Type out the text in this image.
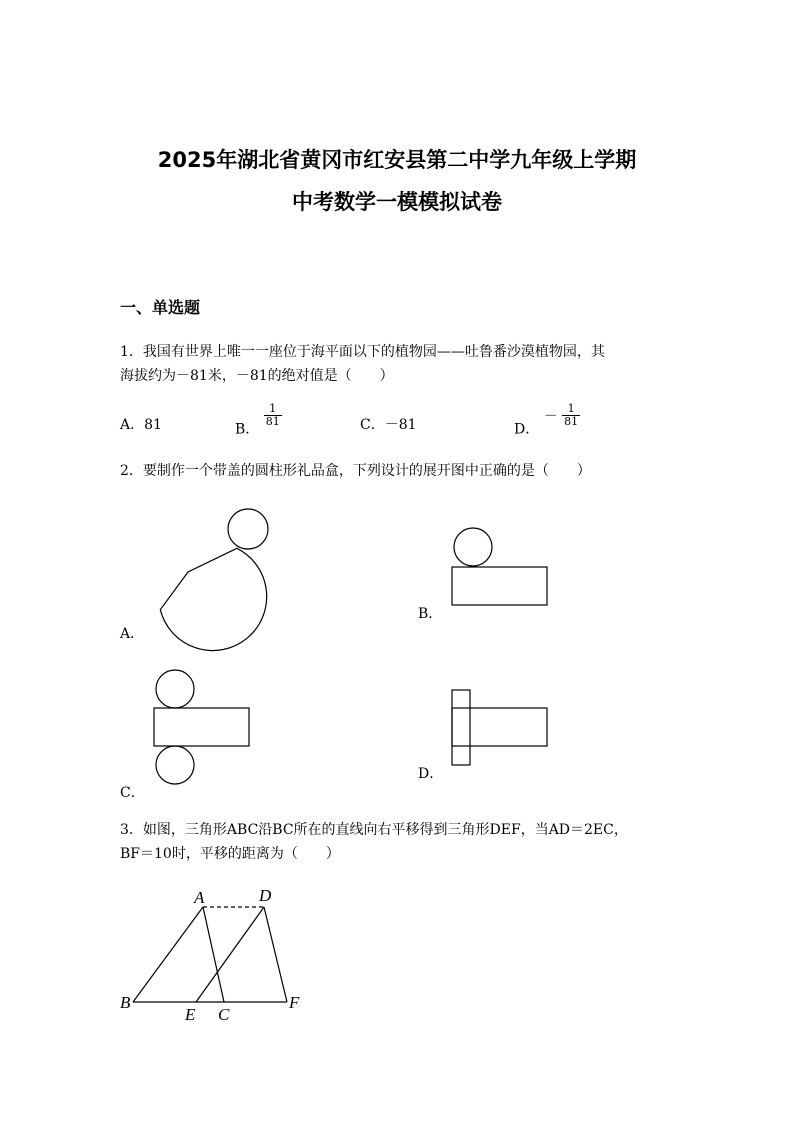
2025年湖北省黄冈市红安县第二中学九年级上学期
中考数学一模模拟试卷
一、单选题
1．我国有世界上唯一一座位于海平面以下的植物园——吐鲁番沙漠植物园，其
海拔约为－81米，－81的绝对值是（　　）
A．81	B．
$\frac{1}{81}$	C．－81	D． － $\frac{1}{81}$
2．要制作一个带盖的圆柱形礼品盒，下列设计的展开图中正确的是（　　）
A．
B．
C．
D．
3．如图，三角形ABC沿BC所在的直线向右平移得到三角形DEF，当AD＝2EC，
BF＝10时，平移的距离为（　　）
A	D
B
E C
F
